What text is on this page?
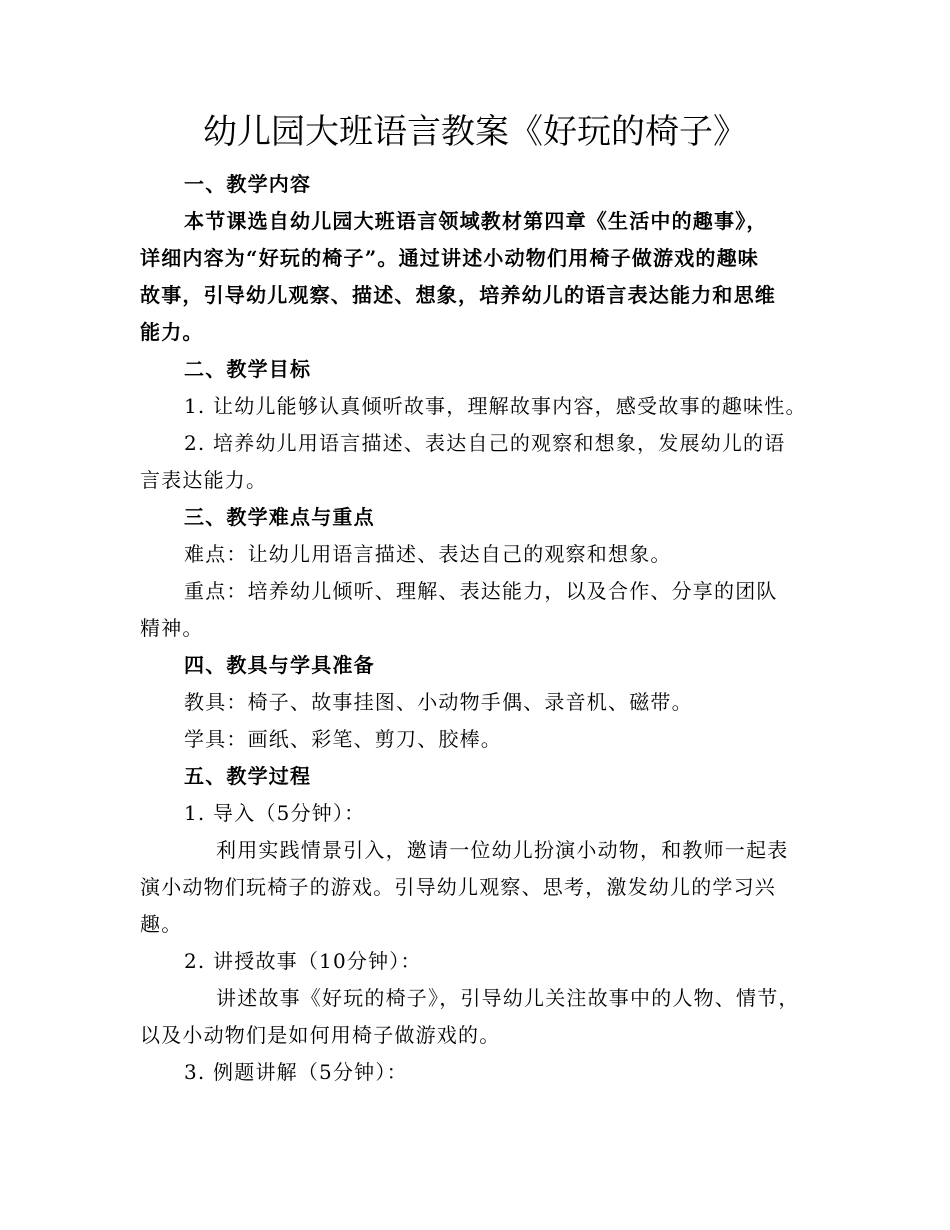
幼儿园大班语言教案《好玩的椅子》

一、教学内容

本节课选自幼儿园大班语言领域教材第四章《生活中的趣事》，
详细内容为“好玩的椅子”。通过讲述小动物们用椅子做游戏的趣味
故事，引导幼儿观察、描述、想象，培养幼儿的语言表达能力和思维
能力。

二、教学目标

1. 让幼儿能够认真倾听故事，理解故事内容，感受故事的趣味性。

2. 培养幼儿用语言描述、表达自己的观察和想象，发展幼儿的语
言表达能力。

三、教学难点与重点

难点：让幼儿用语言描述、表达自己的观察和想象。

重点：培养幼儿倾听、理解、表达能力，以及合作、分享的团队
精神。

四、教具与学具准备

教具：椅子、故事挂图、小动物手偶、录音机、磁带。

学具：画纸、彩笔、剪刀、胶棒。

五、教学过程

1. 导入（5分钟）：

利用实践情景引入，邀请一位幼儿扮演小动物，和教师一起表
演小动物们玩椅子的游戏。引导幼儿观察、思考，激发幼儿的学习兴
趣。

2. 讲授故事（10分钟）：

讲述故事《好玩的椅子》，引导幼儿关注故事中的人物、情节，
以及小动物们是如何用椅子做游戏的。

3. 例题讲解（5分钟）：
